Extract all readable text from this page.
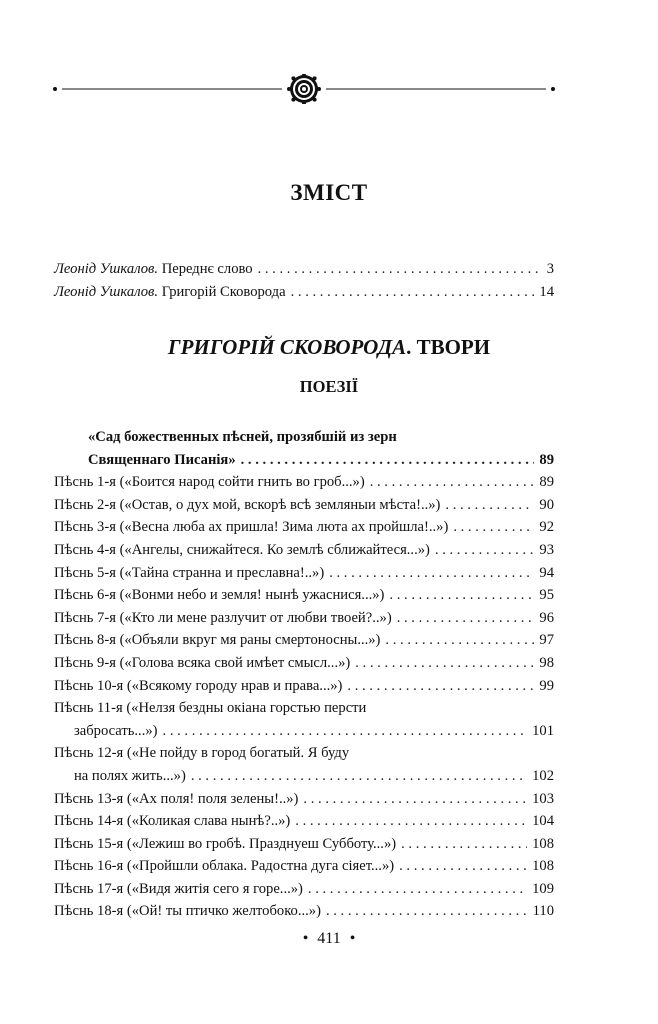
ЗМІСТ
Леонід Ушкалов. Переднє слово . . .	3
Леонід Ушкалов. Григорій Сковорода . . .	14
ГРИГОРІЙ СКОВОРОДА. ТВОРИ
ПОЕЗІЇ
«Сад божественных пѣсней, прозябшій из зерн
Священнаго Писанія» . . .	89
Пѣснь 1-я («Боится народ сойти гнить во гроб...») . . .	89
Пѣснь 2-я («Остав, о дух мой, вскорѣ всѣ земляныи мѣста!..») . . .	90
Пѣснь 3-я («Весна люба ах пришла! Зима люта ах пройшла!..») . . .	92
Пѣснь 4-я («Ангелы, снижайтеся. Ко землѣ сближайтеся...») . . .	93
Пѣснь 5-я («Тайна странна и преславна!..») . . .	94
Пѣснь 6-я («Вонми небо и земля! нынѣ ужаснися...») . . .	95
Пѣснь 7-я («Кто ли мене разлучит от любви твоей?..») . . .	96
Пѣснь 8-я («Объяли вкруг мя раны смертоносны...») . . .	97
Пѣснь 9-я («Голова всяка свой имѣет смысл...») . . .	98
Пѣснь 10-я («Всякому городу нрав и права...») . . .	99
Пѣснь 11-я («Нелзя бездны окіана горстью персти
забросать...») . . .	101
Пѣснь 12-я («Не пойду в город богатый. Я буду
на полях жить...») . . .	102
Пѣснь 13-я («Ах поля! поля зелены!..») . . .	103
Пѣснь 14-я («Коликая слава нынѣ?..») . . .	104
Пѣснь 15-я («Лежиш во гробѣ. Празднуеш Субботу...») . . .	108
Пѣснь 16-я («Пройшли облака. Радостна дуга сіяет...») . . .	108
Пѣснь 17-я («Видя житія сего я горе...») . . .	109
Пѣснь 18-я («Ой! ты птичко желтобоко...») . . .	110
• 411 •
